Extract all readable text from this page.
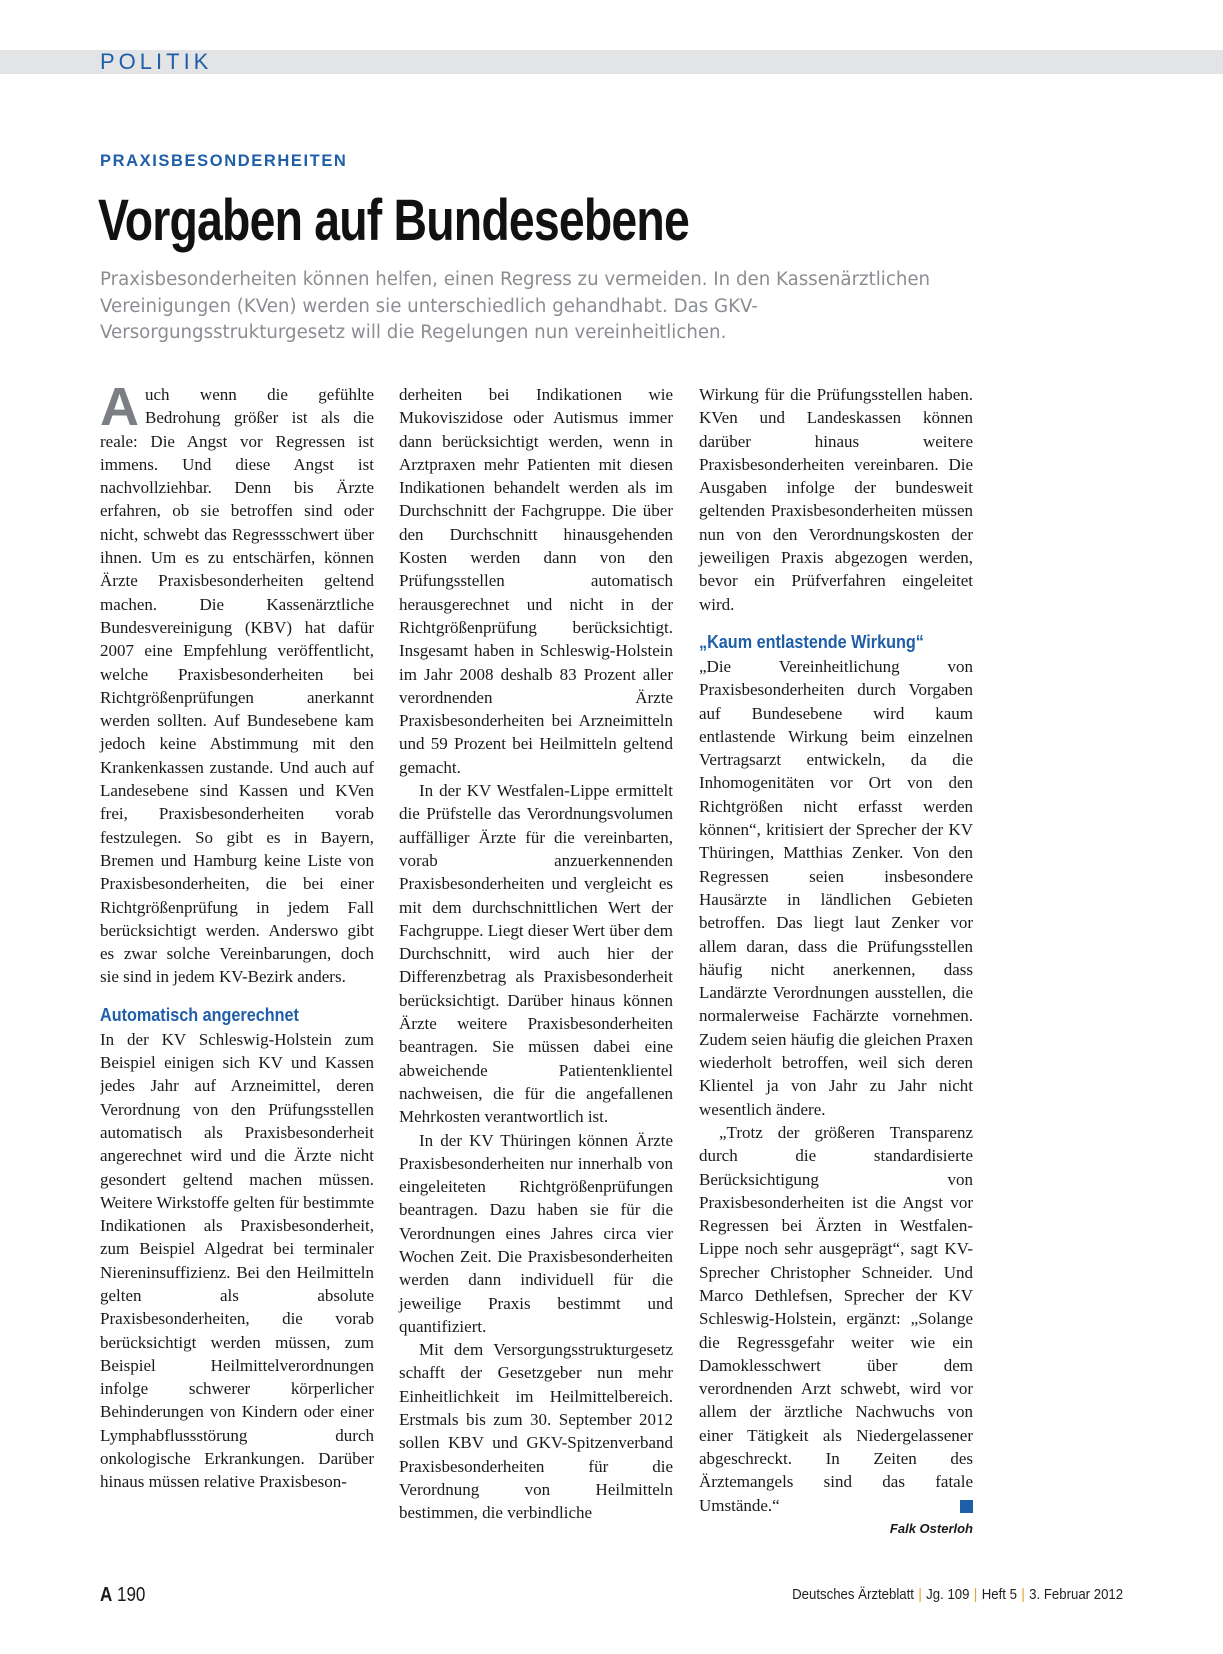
POLITIK
PRAXISBESONDERHEITEN
Vorgaben auf Bundesebene

Praxisbesonderheiten können helfen, einen Regress zu vermeiden. In den Kassenärztlichen Vereinigungen (KVen) werden sie unterschiedlich gehandhabt. Das GKV-Versorgungsstrukturgesetz will die Regelungen nun vereinheitlichen.

Auch wenn die gefühlte Bedrohung größer ist als die reale: Die Angst vor Regressen ist immens. Und diese Angst ist nachvollziehbar. Denn bis Ärzte erfahren, ob sie betroffen sind oder nicht, schwebt das Regressschwert über ihnen. Um es zu entschärfen, können Ärzte Praxisbesonderheiten geltend machen. Die Kassenärztliche Bundesvereinigung (KBV) hat dafür 2007 eine Empfehlung veröffentlicht, welche Praxisbesonderheiten bei Richtgrößenprüfungen anerkannt werden sollten. Auf Bundesebene kam jedoch keine Abstimmung mit den Krankenkassen zustande. Und auch auf Landesebene sind Kassen und KVen frei, Praxisbesonderheiten vorab festzulegen. So gibt es in Bayern, Bremen und Hamburg keine Liste von Praxisbesonderheiten, die bei einer Richtgrößenprüfung in jedem Fall berücksichtigt werden. Anderswo gibt es zwar solche Vereinbarungen, doch sie sind in jedem KV-Bezirk anders.

Automatisch angerechnet

In der KV Schleswig-Holstein zum Beispiel einigen sich KV und Kassen jedes Jahr auf Arzneimittel, deren Verordnung von den Prüfungsstellen automatisch als Praxisbesonderheit angerechnet wird und die Ärzte nicht gesondert geltend machen müssen. Weitere Wirkstoffe gelten für bestimmte Indikationen als Praxisbesonderheit, zum Beispiel Algedrat bei terminaler Niereninsuffizienz. Bei den Heilmitteln gelten als absolute Praxisbesonderheiten, die vorab berücksichtigt werden müssen, zum Beispiel Heilmittelverordnungen infolge schwerer körperlicher Behinderungen von Kindern oder einer Lymphabflussstörung durch onkologische Erkrankungen. Darüber hinaus müssen relative Praxisbeson-

derheiten bei Indikationen wie Mukoviszidose oder Autismus immer dann berücksichtigt werden, wenn in Arztpraxen mehr Patienten mit diesen Indikationen behandelt werden als im Durchschnitt der Fachgruppe. Die über den Durchschnitt hinausgehenden Kosten werden dann von den Prüfungsstellen automatisch herausgerechnet und nicht in der Richtgrößenprüfung berücksichtigt. Insgesamt haben in Schleswig-Holstein im Jahr 2008 deshalb 83 Prozent aller verordnenden Ärzte Praxisbesonderheiten bei Arzneimitteln und 59 Prozent bei Heilmitteln geltend gemacht.

In der KV Westfalen-Lippe ermittelt die Prüfstelle das Verordnungsvolumen auffälliger Ärzte für die vereinbarten, vorab anzuerkennenden Praxisbesonderheiten und vergleicht es mit dem durchschnittlichen Wert der Fachgruppe. Liegt dieser Wert über dem Durchschnitt, wird auch hier der Differenzbetrag als Praxisbesonderheit berücksichtigt. Darüber hinaus können Ärzte weitere Praxisbesonderheiten beantragen. Sie müssen dabei eine abweichende Patientenklientel nachweisen, die für die angefallenen Mehrkosten verantwortlich ist.

In der KV Thüringen können Ärzte Praxisbesonderheiten nur innerhalb von eingeleiteten Richtgrößenprüfungen beantragen. Dazu haben sie für die Verordnungen eines Jahres circa vier Wochen Zeit. Die Praxisbesonderheiten werden dann individuell für die jeweilige Praxis bestimmt und quantifiziert.

Mit dem Versorgungsstrukturgesetz schafft der Gesetzgeber nun mehr Einheitlichkeit im Heilmittelbereich. Erstmals bis zum 30. September 2012 sollen KBV und GKV-Spitzenverband Praxisbesonderheiten für die Verordnung von Heilmitteln bestimmen, die verbindliche

Wirkung für die Prüfungsstellen haben. KVen und Landeskassen können darüber hinaus weitere Praxisbesonderheiten vereinbaren. Die Ausgaben infolge der bundesweit geltenden Praxisbesonderheiten müssen nun von den Verordnungskosten der jeweiligen Praxis abgezogen werden, bevor ein Prüfverfahren eingeleitet wird.

„Kaum entlastende Wirkung“

„Die Vereinheitlichung von Praxisbesonderheiten durch Vorgaben auf Bundesebene wird kaum entlastende Wirkung beim einzelnen Vertragsarzt entwickeln, da die Inhomogenitäten vor Ort von den Richtgrößen nicht erfasst werden können“, kritisiert der Sprecher der KV Thüringen, Matthias Zenker. Von den Regressen seien insbesondere Hausärzte in ländlichen Gebieten betroffen. Das liegt laut Zenker vor allem daran, dass die Prüfungsstellen häufig nicht anerkennen, dass Landärzte Verordnungen ausstellen, die normalerweise Fachärzte vornehmen. Zudem seien häufig die gleichen Praxen wiederholt betroffen, weil sich deren Klientel ja von Jahr zu Jahr nicht wesentlich ändere.

„Trotz der größeren Transparenz durch die standardisierte Berücksichtigung von Praxisbesonderheiten ist die Angst vor Regressen bei Ärzten in Westfalen-Lippe noch sehr ausgeprägt“, sagt KV-Sprecher Christopher Schneider. Und Marco Dethlefsen, Sprecher der KV Schleswig-Holstein, ergänzt: „Solange die Regressgefahr weiter wie ein Damoklesschwert über dem verordnenden Arzt schwebt, wird vor allem der ärztliche Nachwuchs von einer Tätigkeit als Niedergelassener abgeschreckt. In Zeiten des Ärztemangels sind das fatale Umstände.“

Falk Osterloh
A 190	Deutsches Ärzteblatt | Jg. 109 | Heft 5 | 3. Februar 2012
